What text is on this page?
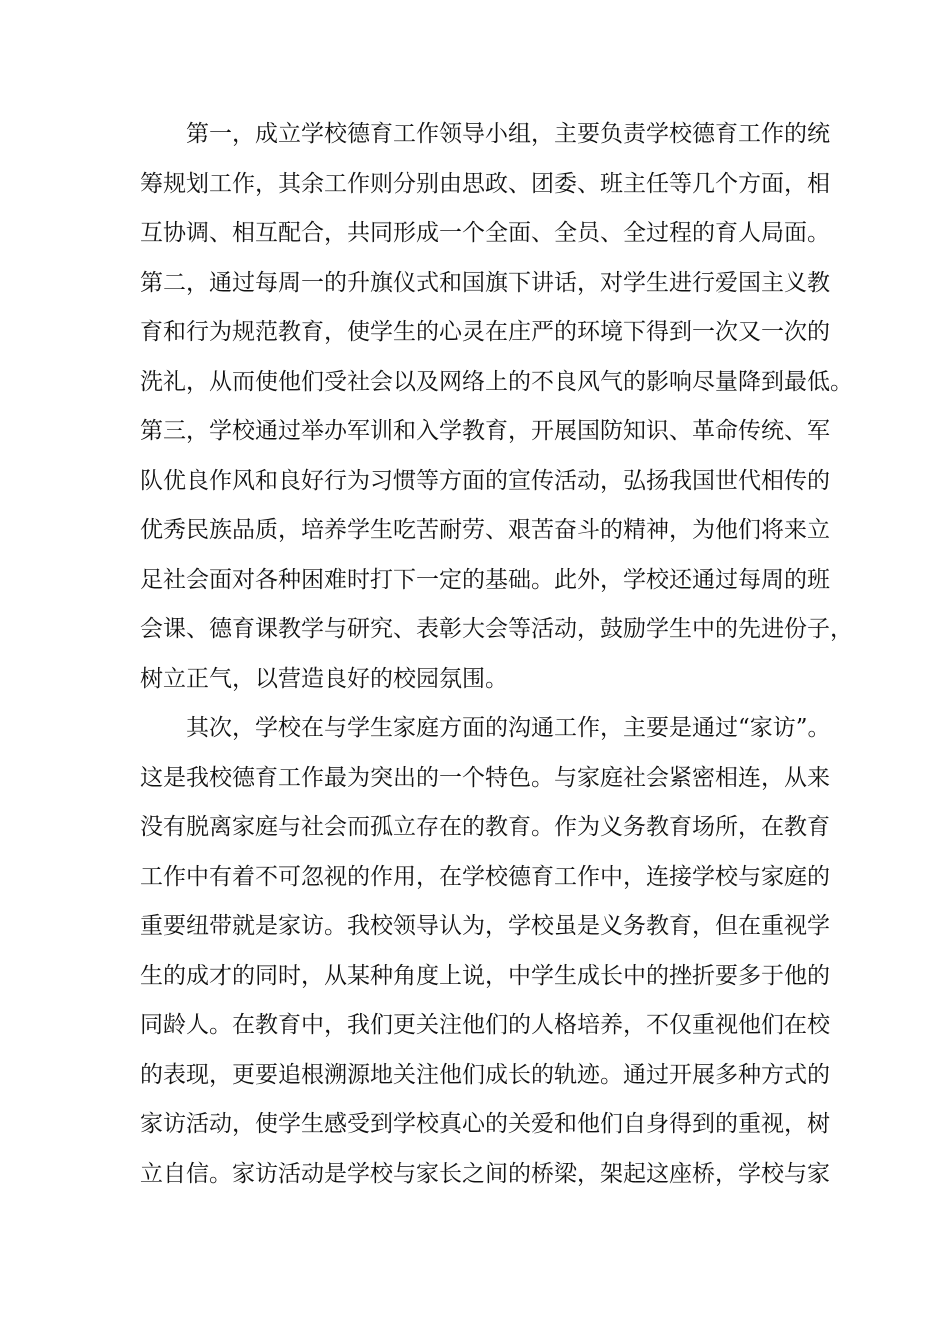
第一，成立学校德育工作领导小组，主要负责学校德育工作的统
筹规划工作，其余工作则分别由思政、团委、班主任等几个方面，相
互协调、相互配合，共同形成一个全面、全员、全过程的育人局面。
第二，通过每周一的升旗仪式和国旗下讲话，对学生进行爱国主义教
育和行为规范教育，使学生的心灵在庄严的环境下得到一次又一次的
洗礼，从而使他们受社会以及网络上的不良风气的影响尽量降到最低。
第三，学校通过举办军训和入学教育，开展国防知识、革命传统、军
队优良作风和良好行为习惯等方面的宣传活动，弘扬我国世代相传的
优秀民族品质，培养学生吃苦耐劳、艰苦奋斗的精神，为他们将来立
足社会面对各种困难时打下一定的基础。此外，学校还通过每周的班
会课、德育课教学与研究、表彰大会等活动，鼓励学生中的先进份子，
树立正气，以营造良好的校园氛围。
其次，学校在与学生家庭方面的沟通工作，主要是通过“家访”。
这是我校德育工作最为突出的一个特色。与家庭社会紧密相连，从来
没有脱离家庭与社会而孤立存在的教育。作为义务教育场所，在教育
工作中有着不可忽视的作用，在学校德育工作中，连接学校与家庭的
重要纽带就是家访。我校领导认为，学校虽是义务教育，但在重视学
生的成才的同时，从某种角度上说，中学生成长中的挫折要多于他的
同龄人。在教育中，我们更关注他们的人格培养，不仅重视他们在校
的表现，更要追根溯源地关注他们成长的轨迹。通过开展多种方式的
家访活动，使学生感受到学校真心的关爱和他们自身得到的重视，树
立自信。家访活动是学校与家长之间的桥梁，架起这座桥，学校与家
